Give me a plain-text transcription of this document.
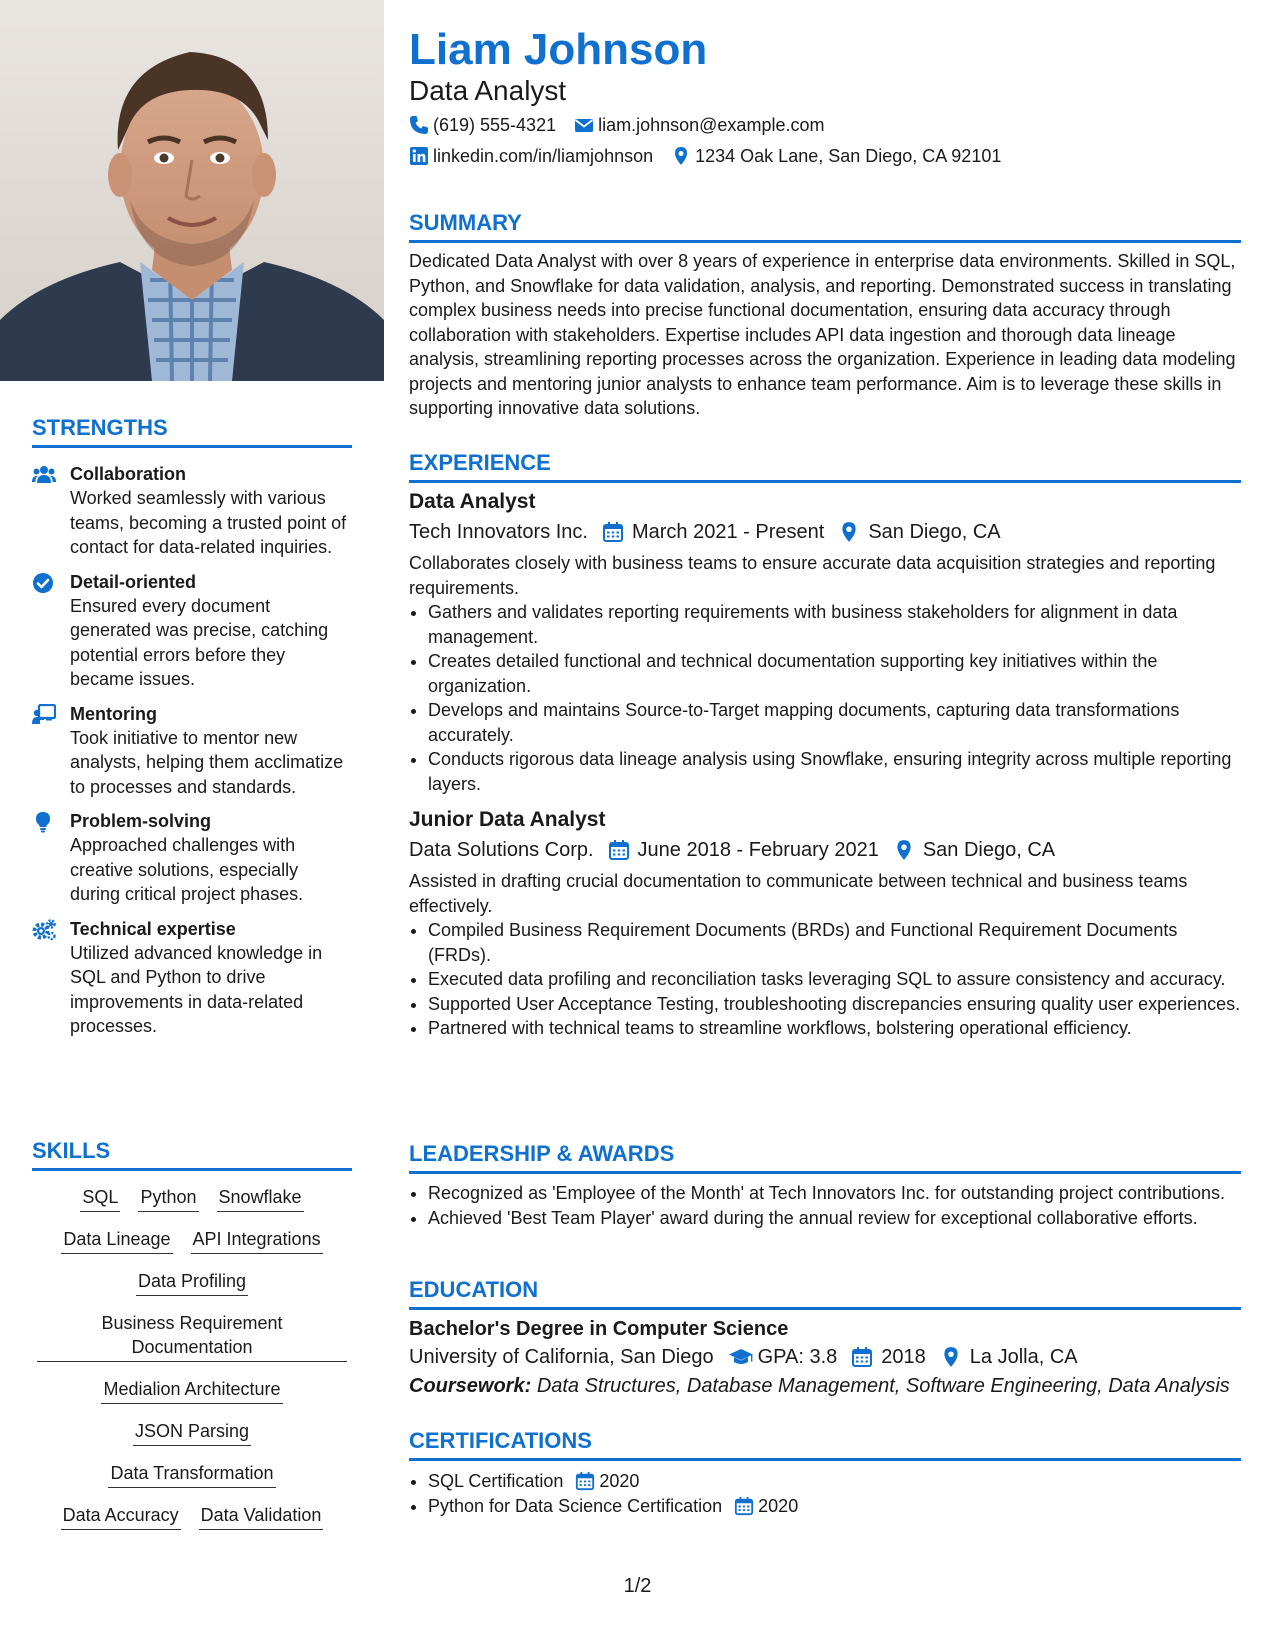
STRENGTHS
Collaboration
Worked seamlessly with various teams, becoming a trusted point of contact for data-related inquiries.
Detail-oriented
Ensured every document generated was precise, catching potential errors before they became issues.
Mentoring
Took initiative to mentor new analysts, helping them acclimatize to processes and standards.
Problem-solving
Approached challenges with creative solutions, especially during critical project phases.
Technical expertise
Utilized advanced knowledge in SQL and Python to drive improvements in data-related processes.
SKILLS
SQL Python Snowflake
Data Lineage API Integrations
Data Profiling
Business Requirement Documentation
Medialion Architecture
JSON Parsing
Data Transformation
Data Accuracy Data Validation
Liam Johnson
Data Analyst
(619) 555-4321 liam.johnson@example.com
linkedin.com/in/liamjohnson 1234 Oak Lane, San Diego, CA 92101
SUMMARY
Dedicated Data Analyst with over 8 years of experience in enterprise data environments. Skilled in SQL, Python, and Snowflake for data validation, analysis, and reporting. Demonstrated success in translating complex business needs into precise functional documentation, ensuring data accuracy through collaboration with stakeholders. Expertise includes API data ingestion and thorough data lineage analysis, streamlining reporting processes across the organization. Experience in leading data modeling projects and mentoring junior analysts to enhance team performance. Aim is to leverage these skills in supporting innovative data solutions.
EXPERIENCE
Data Analyst
Tech Innovators Inc. March 2021 - Present San Diego, CA
Collaborates closely with business teams to ensure accurate data acquisition strategies and reporting requirements.
• Gathers and validates reporting requirements with business stakeholders for alignment in data management.
• Creates detailed functional and technical documentation supporting key initiatives within the organization.
• Develops and maintains Source-to-Target mapping documents, capturing data transformations accurately.
• Conducts rigorous data lineage analysis using Snowflake, ensuring integrity across multiple reporting layers.
Junior Data Analyst
Data Solutions Corp. June 2018 - February 2021 San Diego, CA
Assisted in drafting crucial documentation to communicate between technical and business teams effectively.
• Compiled Business Requirement Documents (BRDs) and Functional Requirement Documents (FRDs).
• Executed data profiling and reconciliation tasks leveraging SQL to assure consistency and accuracy.
• Supported User Acceptance Testing, troubleshooting discrepancies ensuring quality user experiences.
• Partnered with technical teams to streamline workflows, bolstering operational efficiency.
LEADERSHIP & AWARDS
• Recognized as 'Employee of the Month' at Tech Innovators Inc. for outstanding project contributions.
• Achieved 'Best Team Player' award during the annual review for exceptional collaborative efforts.
EDUCATION
Bachelor's Degree in Computer Science
University of California, San Diego GPA: 3.8 2018 La Jolla, CA
Coursework: Data Structures, Database Management, Software Engineering, Data Analysis
CERTIFICATIONS
• SQL Certification 2020
• Python for Data Science Certification 2020
1/2
